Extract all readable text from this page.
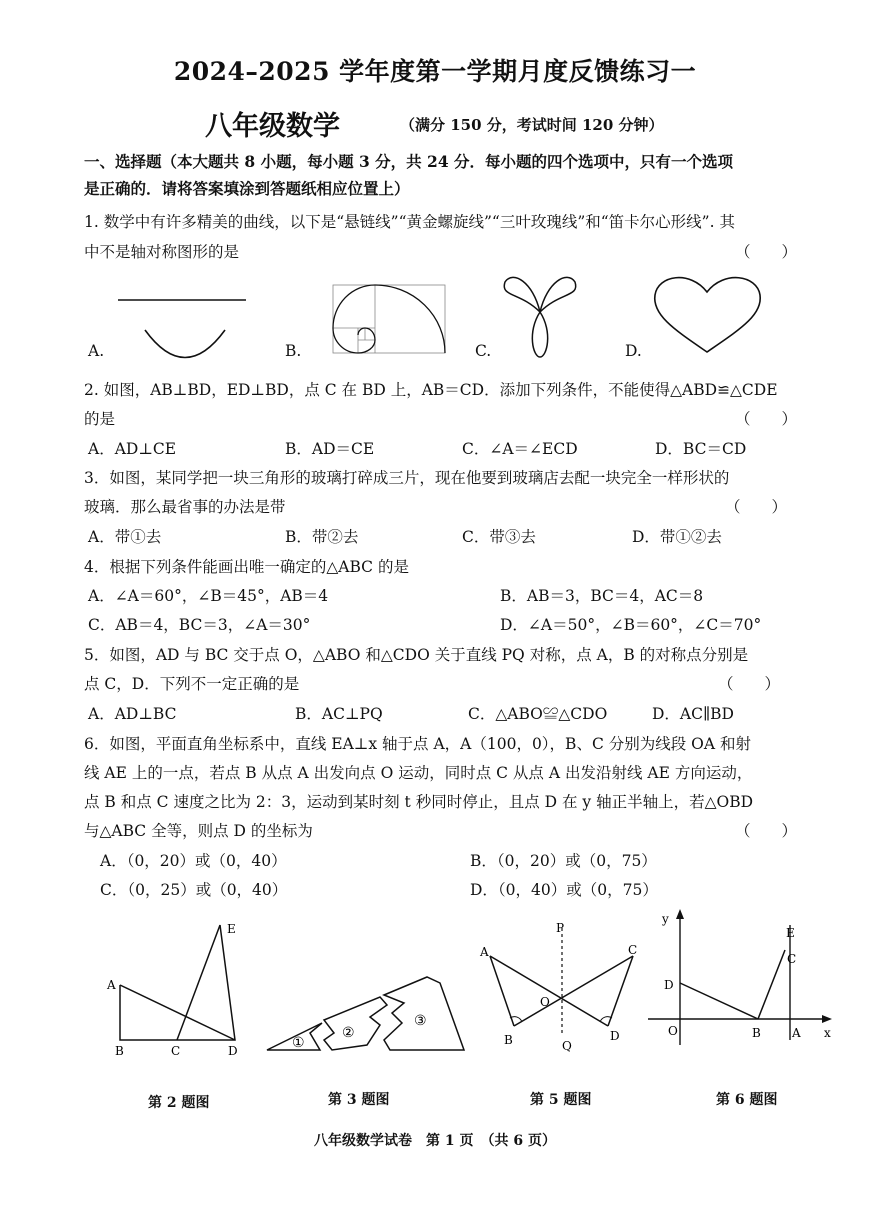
2024–2025 学年度第一学期月度反馈练习一
八年级数学	（满分 150 分，考试时间 120 分钟）
一、选择题（本大题共 8 小题，每小题 3 分，共 24 分．每小题的四个选项中，只有一个选项
是正确的．请将答案填涂到答题纸相应位置上）
1. 数学中有许多精美的曲线，以下是“悬链线”“黄金螺旋线”“三叶玫瑰线”和“笛卡尔心形线”. 其
中不是轴对称图形的是	（　　）
A.	B.	C.	D.
2. 如图，AB⊥BD，ED⊥BD，点 C 在 BD 上，AB＝CD．添加下列条件，不能使得△ABD≌△CDE
的是	（　　）
A．AD⊥CE	B．AD＝CE	C．∠A＝∠ECD	D．BC＝CD
3．如图，某同学把一块三角形的玻璃打碎成三片，现在他要到玻璃店去配一块完全一样形状的
玻璃．那么最省事的办法是带	（　　）
A．带①去	B．带②去	C．带③去	D．带①②去
4．根据下列条件能画出唯一确定的△ABC 的是
A．∠A＝60°，∠B＝45°，AB＝4	B．AB＝3，BC＝4，AC＝8
C．AB＝4，BC＝3，∠A＝30°	D．∠A＝50°，∠B＝60°，∠C＝70°
5．如图，AD 与 BC 交于点 O，△ABO 和△CDO 关于直线 PQ 对称，点 A，B 的对称点分别是
点 C，D．下列不一定正确的是	（　　）
A．AD⊥BC	B．AC⊥PQ	C．△ABO≌△CDO	D．AC∥BD
6．如图，平面直角坐标系中，直线 EA⊥x 轴于点 A，A（100，0），B、C 分别为线段 OA 和射
线 AE 上的一点，若点 B 从点 A 出发向点 O 运动，同时点 C 从点 A 出发沿射线 AE 方向运动，
点 B 和点 C 速度之比为 2：3，运动到某时刻 t 秒同时停止，且点 D 在 y 轴正半轴上，若△OBD
与△ABC 全等，则点 D 的坐标为	（　　）
A．（0，20）或（0，40）	B．（0，20）或（0，75）
C．（0，25）或（0，40）	D．（0，40）或（0，75）
A
B	C	D
E
①
②
③
A
B
C
D
O
P
Q
y
E
C
D
O	B	A x
第 2 题图	第 3 题图	第 5 题图	第 6 题图
八年级数学试卷　第 1 页　（共 6 页）
